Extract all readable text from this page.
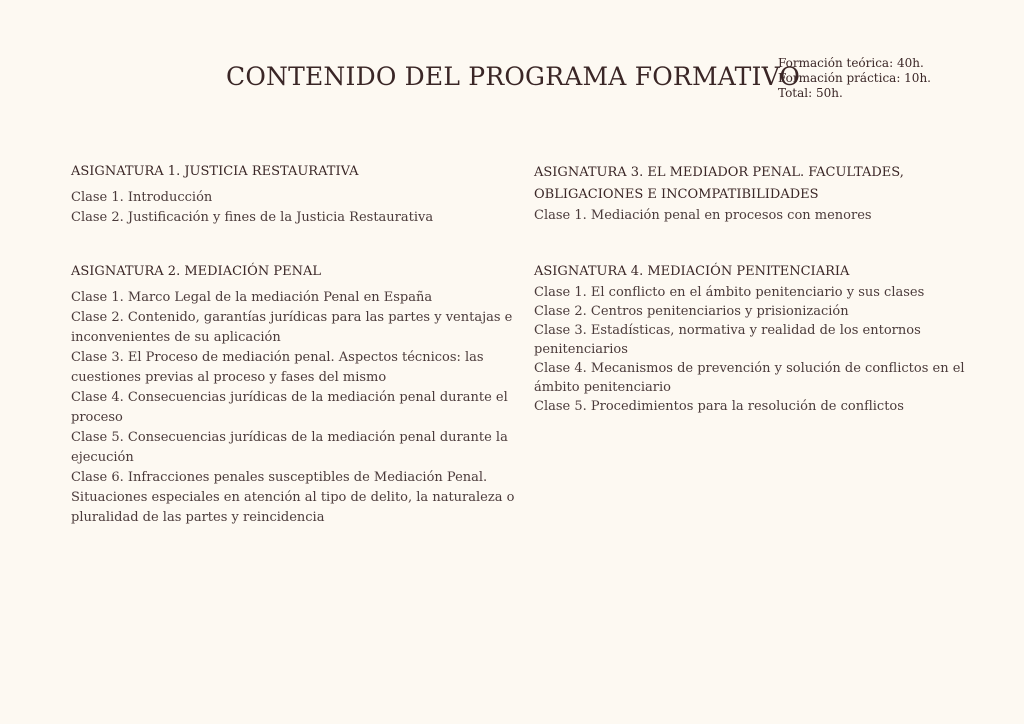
CONTENIDO DEL PROGRAMA FORMATIVO
Formación teórica: 40h.
Formación práctica: 10h.
Total: 50h.
ASIGNATURA 1. JUSTICIA RESTAURATIVA
Clase 1. Introducción
Clase 2. Justificación y fines de la Justicia Restaurativa
ASIGNATURA 2. MEDIACIÓN PENAL
Clase 1. Marco Legal de la mediación Penal en España
Clase 2. Contenido, garantías jurídicas para las partes y ventajas e inconvenientes de su aplicación
Clase 3. El Proceso de mediación penal. Aspectos técnicos: las cuestiones previas al proceso y fases del mismo
Clase 4. Consecuencias jurídicas de la mediación penal durante el proceso
Clase 5. Consecuencias jurídicas de la mediación penal durante la ejecución
Clase 6. Infracciones penales susceptibles de Mediación Penal. Situaciones especiales en atención al tipo de delito, la naturaleza o pluralidad de las partes y reincidencia
ASIGNATURA 3. EL MEDIADOR PENAL. FACULTADES, OBLIGACIONES E INCOMPATIBILIDADES
Clase 1. Mediación penal en procesos con menores
ASIGNATURA 4. MEDIACIÓN PENITENCIARIA
Clase 1. El conflicto en el ámbito penitenciario y sus clases
Clase 2. Centros penitenciarios y prisionización
Clase 3. Estadísticas, normativa y realidad de los entornos penitenciarios
Clase 4. Mecanismos de prevención y solución de conflictos en el ámbito penitenciario
Clase 5. Procedimientos para la resolución de conflictos
